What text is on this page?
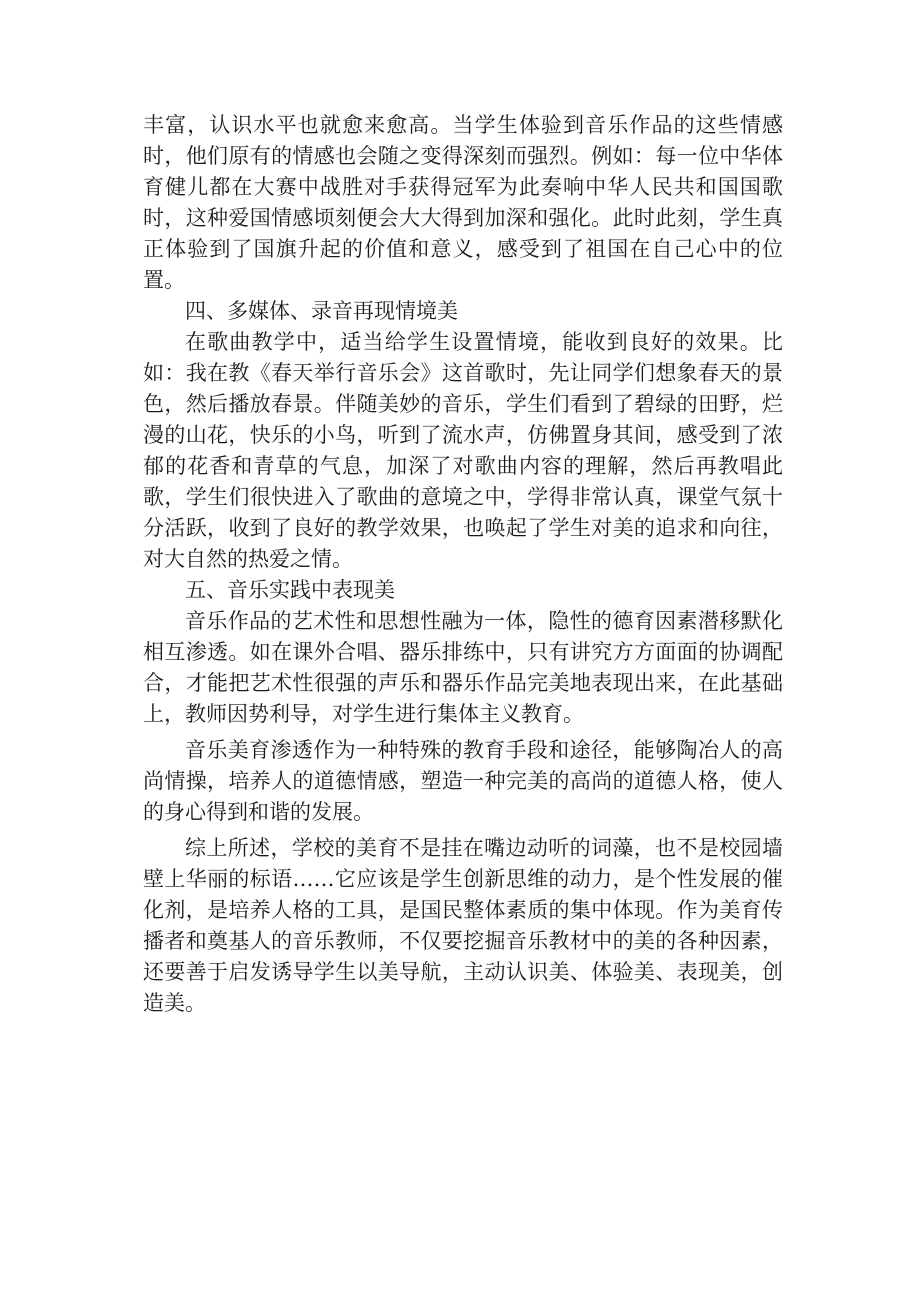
丰富，认识水平也就愈来愈高。当学生体验到音乐作品的这些情感时，他们原有的情感也会随之变得深刻而强烈。例如：每一位中华体育健儿都在大赛中战胜对手获得冠军为此奏响中华人民共和国国歌时，这种爱国情感顷刻便会大大得到加深和强化。此时此刻，学生真正体验到了国旗升起的价值和意义，感受到了祖国在自己心中的位置。

四、多媒体、录音再现情境美

在歌曲教学中，适当给学生设置情境，能收到良好的效果。比如：我在教《春天举行音乐会》这首歌时，先让同学们想象春天的景色，然后播放春景。伴随美妙的音乐，学生们看到了碧绿的田野，烂漫的山花，快乐的小鸟，听到了流水声，仿佛置身其间，感受到了浓郁的花香和青草的气息，加深了对歌曲内容的理解，然后再教唱此歌，学生们很快进入了歌曲的意境之中，学得非常认真，课堂气氛十分活跃，收到了良好的教学效果，也唤起了学生对美的追求和向往，对大自然的热爱之情。

五、音乐实践中表现美

音乐作品的艺术性和思想性融为一体，隐性的德育因素潜移默化相互渗透。如在课外合唱、器乐排练中，只有讲究方方面面的协调配合，才能把艺术性很强的声乐和器乐作品完美地表现出来，在此基础上，教师因势利导，对学生进行集体主义教育。

音乐美育渗透作为一种特殊的教育手段和途径，能够陶冶人的高尚情操，培养人的道德情感，塑造一种完美的高尚的道德人格，使人的身心得到和谐的发展。

综上所述，学校的美育不是挂在嘴边动听的词藻，也不是校园墙壁上华丽的标语……它应该是学生创新思维的动力，是个性发展的催化剂，是培养人格的工具，是国民整体素质的集中体现。作为美育传播者和奠基人的音乐教师，不仅要挖掘音乐教材中的美的各种因素，还要善于启发诱导学生以美导航，主动认识美、体验美、表现美，创造美。
